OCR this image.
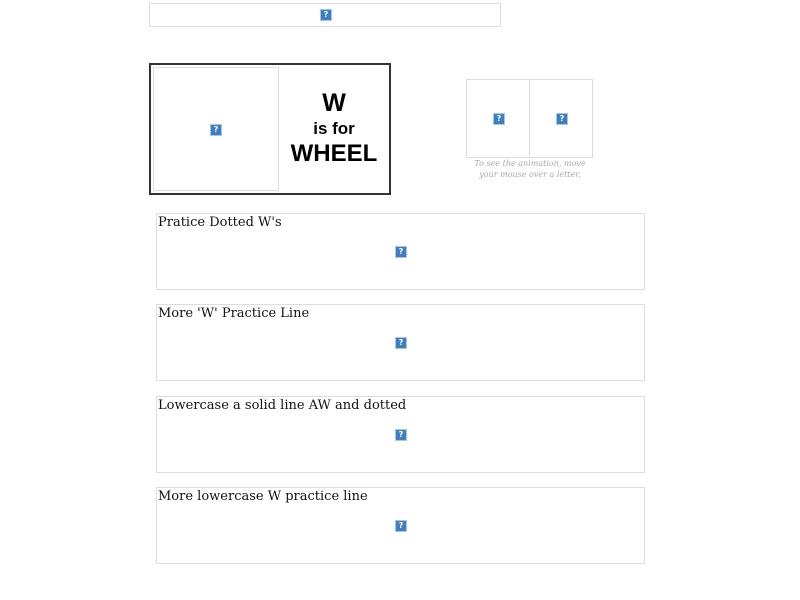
?
?
W
is for
WHEEL
?	?
To see the animation, move
your mouse over a letter.
Pratice Dotted W's
?
More 'W' Practice Line
?
Lowercase a solid line AW and dotted
?
More lowercase W practice line
?
